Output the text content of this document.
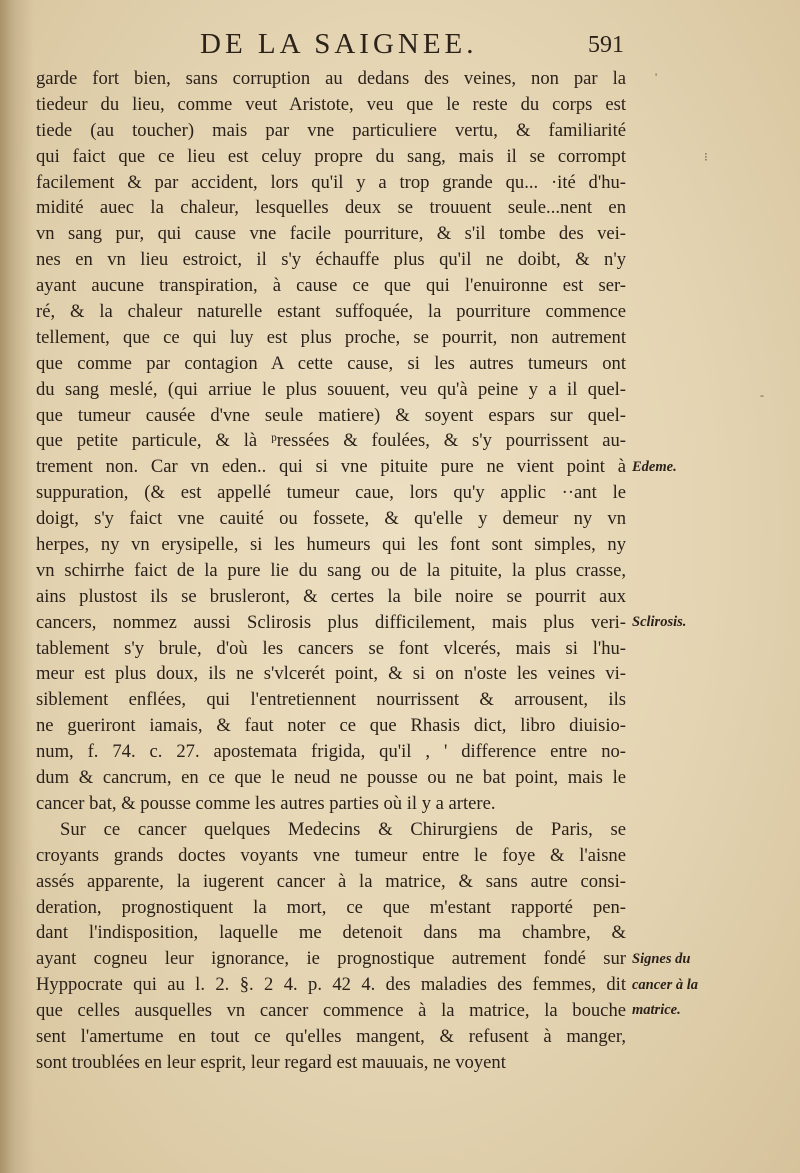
DE LA SAIGNEE.	591
garde fort bien, sans corruption au dedans des veines, non par la
tiedeur du lieu, comme veut Aristote, veu que le reste du corps est
tiede (au toucher) mais par vne particuliere vertu, & familiarité
qui faict que ce lieu est celuy propre du sang, mais il se corrompt
facilement & par accident, lors qu'il y a trop grande qu... ·ité d'hu-
midité auec la chaleur, lesquelles deux se trouuent seule...nent en
vn sang pur, qui cause vne facile pourriture, & s'il tombe des vei-
nes en vn lieu estroict, il s'y échauffe plus qu'il ne doibt, & n'y
ayant aucune transpiration, à cause ce que qui l'enuironne est ser-
ré, & la chaleur naturelle estant suffoquée, la pourriture commence
tellement, que ce qui luy est plus proche, se pourrit, non autrement
que comme par contagion A cette cause, si les autres tumeurs ont
du sang meslé, (qui arriue le plus souuent, veu qu'à peine y a il quel-
que tumeur causée d'vne seule matiere) & soyent espars sur quel-
que petite particule, & là ᵖressées & foulées, & s'y pourrissent au-
trement non. Car vn eden.. qui si vne pituite pure ne vient point à
suppuration, (& est appellé tumeur caue, lors qu'y applic ··ant le
doigt, s'y faict vne cauité ou fossete, & qu'elle y demeur ny vn
herpes, ny vn erysipelle, si les humeurs qui les font sont simples, ny
vn schirrhe faict de la pure lie du sang ou de la pituite, la plus crasse,
ains plustost ils se brusleront, & certes la bile noire se pourrit aux
cancers, nommez aussi Sclirosis plus difficilement, mais plus veri-
tablement s'y brule, d'où les cancers se font vlcerés, mais si l'hu-
meur est plus doux, ils ne s'vlcerét point, & si on n'oste les veines vi-
siblement enflées, qui l'entretiennent nourrissent & arrousent, ils
ne gueriront iamais, & faut noter ce que Rhasis dict, libro diuisio-
num, f. 74. c. 27. apostemata frigida, qu'il , ' difference entre no-
dum & cancrum, en ce que le neud ne pousse ou ne bat point, mais le
cancer bat, & pousse comme les autres parties où il y a artere.
Sur ce cancer quelques Medecins & Chirurgiens de Paris, se
croyants grands doctes voyants vne tumeur entre le foye & l'aisne
assés apparente, la iugerent cancer à la matrice, & sans autre consi-
deration, prognostiquent la mort, ce que m'estant rapporté pen-
dant l'indisposition, laquelle me detenoit dans ma chambre, &
ayant cogneu leur ignorance, ie prognostique autrement fondé sur
Hyppocrate qui au l. 2. §. 2 4. p. 42 4. des maladies des femmes, dit
que celles ausquelles vn cancer commence à la matrice, la bouche
sent l'amertume en tout ce qu'elles mangent, & refusent à manger,
sont troublées en leur esprit, leur regard est mauuais, ne voyent
Edeme.
Sclirosis.
Signes du
cancer à la
matrice.
⁝
'
-
